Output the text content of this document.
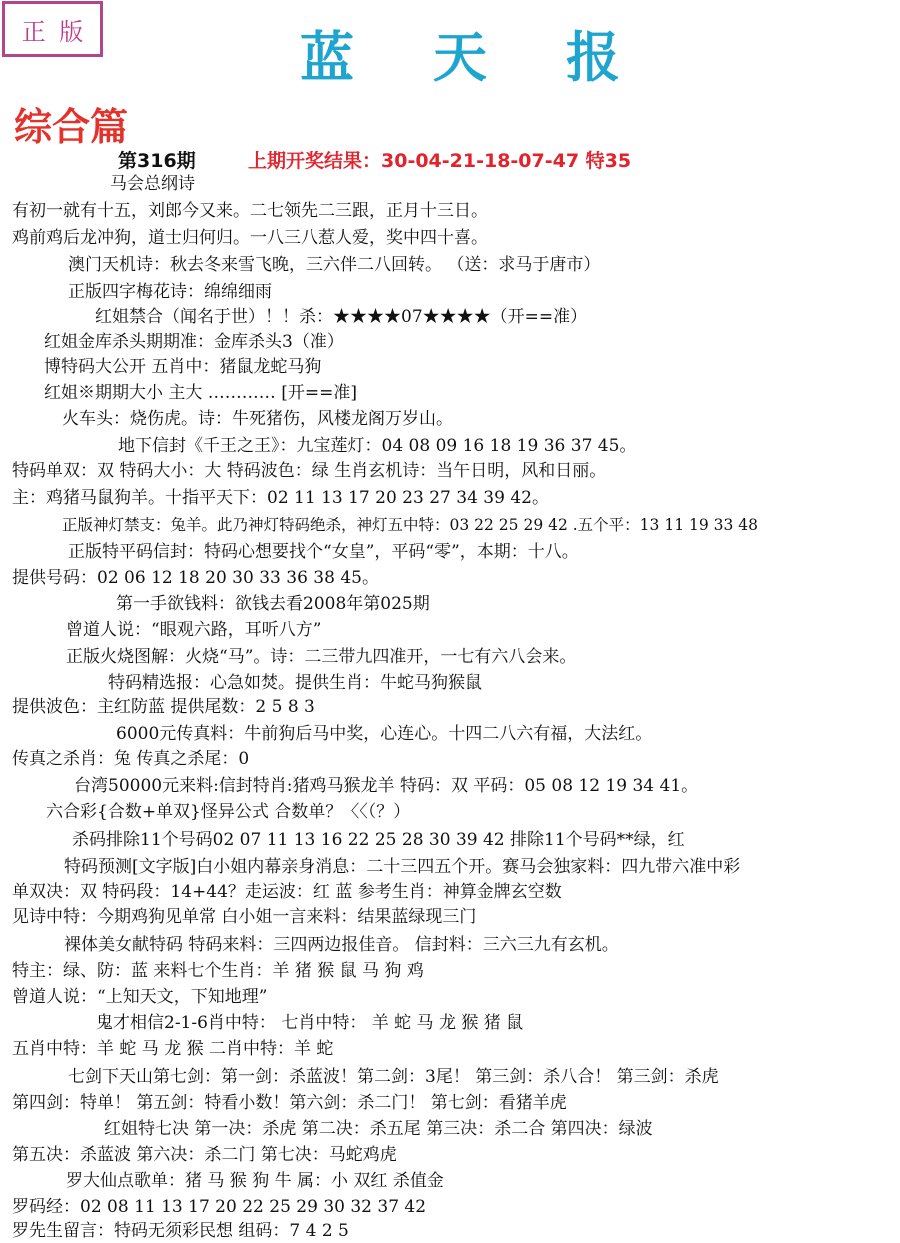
正 版	蓝 天 报
综合篇
第316期	上期开奖结果：30-04-21-18-07-47 特35
马会总纲诗
有初一就有十五，刘郎今又来。二七领先二三跟，正月十三日。
鸡前鸡后龙冲狗，道士归何归。一八三八惹人爱，奖中四十喜。
澳门天机诗：秋去冬来雪飞晚，三六伴二八回转。 （送：求马于唐市）
正版四字梅花诗：绵绵细雨
红姐禁合（闻名于世）！！杀：★★★★07★★★★（开==准）
红姐金库杀头期期准：金库杀头3（准）
博特码大公开 五肖中：猪鼠龙蛇马狗
红姐※期期大小 主大 ………… [开==准]
火车头：烧伤虎。诗：牛死猪伤，风楼龙阁万岁山。
地下信封《千王之王》：九宝莲灯：04 08 09 16 18 19 36 37 45。
特码单双：双 特码大小：大 特码波色：绿 生肖玄机诗：当午日明，风和日丽。
主：鸡猪马鼠狗羊。十指平天下：02 11 13 17 20 23 27 34 39 42。
正版神灯禁支：兔羊。此乃神灯特码绝杀，神灯五中特：03 22 25 29 42 .五个平：13 11 19 33 48
正版特平码信封：特码心想要找个“女皇”，平码“零”，本期：十八。
提供号码：02 06 12 18 20 30 33 36 38 45。
第一手欲钱料：欲钱去看2008年第025期
曾道人说：“眼观六路，耳听八方”
正版火烧图解：火烧“马”。诗：二三带九四准开，一七有六八会来。
特码精选报：心急如焚。提供生肖：牛蛇马狗猴鼠
提供波色：主红防蓝 提供尾数：2 5 8 3
6000元传真料：牛前狗后马中奖，心连心。十四二八六有福，大法红。
传真之杀肖：兔 传真之杀尾：0
台湾50000元来料:信封特肖:猪鸡马猴龙羊 特码：双 平码：05 08 12 19 34 41。
六合彩{合数+单双}怪异公式 合数单？〈〈（？）
杀码排除11个号码02 07 11 13 16 22 25 28 30 39 42 排除11个号码**绿，红
特码预测[文字版]白小姐内幕亲身消息：二十三四五个开。赛马会独家料：四九带六准中彩
单双决：双 特码段：14+44？走运波：红 蓝 参考生肖：神算金牌玄空数
见诗中特：今期鸡狗见单常 白小姐一言来料：结果蓝绿现三门
裸体美女献特码 特码来料：三四两边报佳音。 信封料：三六三九有玄机。
特主：绿、防：蓝 来料七个生肖：羊 猪 猴 鼠 马 狗 鸡
曾道人说：“上知天文，下知地理”
鬼才相信2-1-6肖中特： 七肖中特： 羊 蛇 马 龙 猴 猪 鼠
五肖中特：羊 蛇 马 龙 猴 二肖中特：羊 蛇
七剑下天山第七剑：第一剑：杀蓝波！第二剑：3尾！ 第三剑：杀八合！ 第三剑：杀虎
第四剑：特单！ 第五剑：特看小数！第六剑：杀二门！ 第七剑：看猪羊虎
红姐特七决 第一决：杀虎 第二决：杀五尾 第三决：杀二合 第四决：绿波
第五决：杀蓝波 第六决：杀二门 第七决：马蛇鸡虎
罗大仙点歌单：猪 马 猴 狗 牛 属：小 双红 杀值金
罗码经：02 08 11 13 17 20 22 25 29 30 32 37 42
罗先生留言：特码无须彩民想 组码：7 4 2 5
